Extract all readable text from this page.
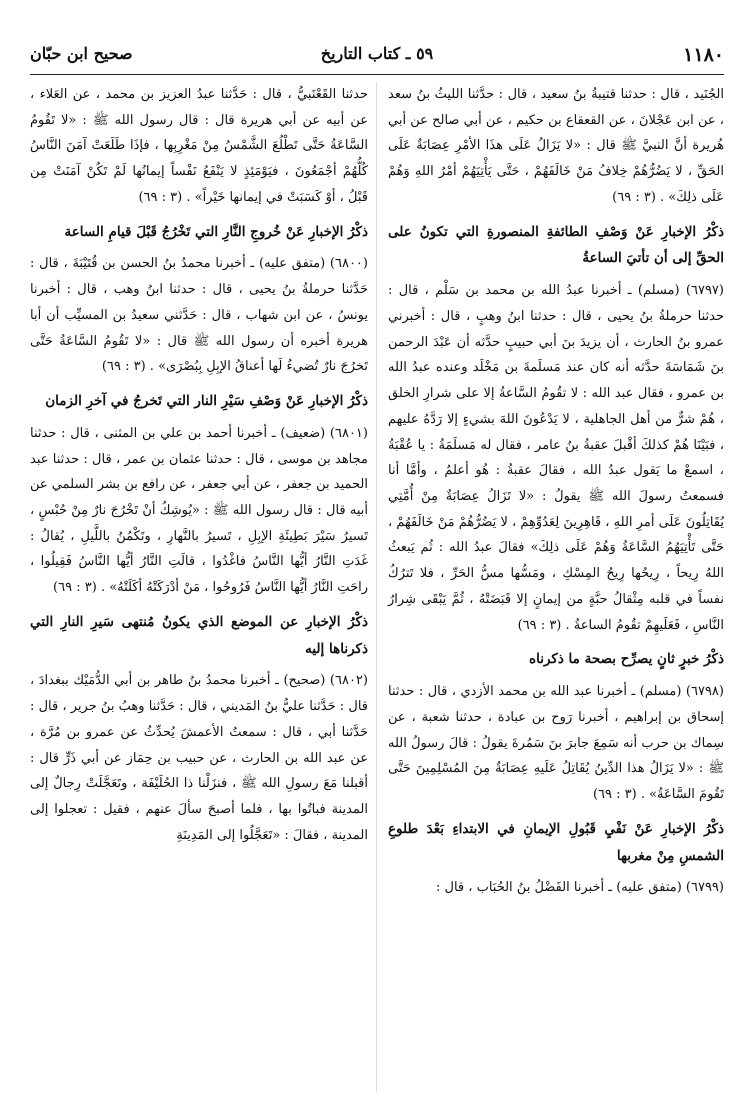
١١٨٠
٥٩ ـ كتاب التاريخ
صحيح ابن حبّان

الجُنَيد ، قال : حدثنا قتيبةُ بنُ سعيد ، قال : حدَّثنا الليثُ بنُ سعد ، عن ابن عَجْلانَ ، عن القعقاع بن حكيم ، عن أبي صالح عن أبي هُريرة أنَّ النبيَّ ﷺ قال : «لا يَزَالُ عَلَى هذَا الأمْرِ عِصَابَةٌ عَلَى الحَقِّ ، لا يَضُرُّهُمْ خِلافُ مَنْ خَالَفَهُمْ ، حَتَّى يَأْتِيَهُمْ أمْرُ اللهِ وَهُمْ عَلَى ذلِكَ» . (٣ : ٦٩)

ذكْرُ الإخبارِ عَنْ وَصْفِ الطائفةِ المنصورةِ التي تكونُ على الحقِّ إلى أن تأتيَ الساعةُ

(٦٧٩٧) (مسلم) ـ أخبرنا عبدُ الله بن محمد بن سَلْم ، قال : حدثنا حرملةُ بنُ يحيى ، قال : حدثنا ابنُ وهبٍ ، قال : أخبرني عمرو بنُ الحارث ، أن يزيدَ بنَ أبي حبيبٍ حدَّثه أن عَبْدَ الرحمن بنَ شَمَاسَةَ حدَّثه أنه كان عند مَسلَمةَ بن مَخْلَد وعنده عبدُ الله بن عمرو ، فقال عبد الله : لا تقُومُ السَّاعةُ إلا على شرارِ الخلق ، هُمْ شرٌّ من أهل الجاهلية ، لا يَدْعُونَ اللهَ بشيءٍ إلا رَدَّهُ عليهم ، فبَيْنَا هُمْ كذلكَ أقْبلَ عقبةُ بنُ عامر ، فقال له مَسلَمَةُ : يا عُقْبَةُ ، اسمعْ ما يَقول عبدُ الله ، فقالَ عقبةُ : هُو أعلمُ ، وأمَّا أنا فسمعتُ رسولَ الله ﷺ يقولُ : «لا تَزَالُ عِصَابَةٌ مِنْ أُمَّتِي يُقَاتِلُونَ عَلَى أمرِ اللهِ ، قَاهِرِينَ لِعَدُوِّهِمْ ، لا يَضُرُّهُمْ مَنْ خَالَفَهُمْ ، حَتَّى تَأْتِيَهُمُ السَّاعَةُ وَهُمْ عَلَى ذلِكَ» فقالَ عبدُ الله : ثُم يَبعثُ اللهُ رِيحاً ، رِيحُها رِيحُ المِسْكِ ، ومَسُّها مسُّ الحَرِّ ، فلا تَترُكُ نفساً في قلبه مِثْقالُ حبَّةٍ من إيمانٍ إلا قَبَضَتْهُ ، ثُمَّ يَبْقَى شِرارُ النَّاسِ ، فَعَلَيهِمْ تقُومُ الساعةُ . (٣ : ٦٩)

ذكْرُ خبرٍ ثانٍ يصرِّح بصحة ما ذكرناه

(٦٧٩٨) (مسلم) ـ أخبرنا عبد الله بن محمد الأزدي ، قال : حدثنا إسحاق بن إبراهيم ، أخبرنا رَوح بن عبادة ، حدثنا شعبة ، عن سِماك بن حرب أنه سَمِعَ جابرَ بنَ سَمُرةَ يقولُ : قالَ رسولُ الله ﷺ : «لا يَزَالُ هذا الدِّينُ يُقَاتِلُ عَلَيهِ عِصَابَةٌ مِنَ المُسْلِمِينَ حَتَّى تَقُومَ السَّاعَةُ» . (٣ : ٦٩)

ذكْرُ الإخبارِ عَنْ نَفْيِ قَبُولِ الإيمانِ في الابتداءِ بَعْدَ طلوعِ الشمسِ مِنْ مغربها

(٦٧٩٩) (متفق عليه) ـ أخبرنا الفَضْلُ بنُ الحُبَاب ، قال :

حدثنا القَعْنَبيُّ ، قال : حَدَّثنا عبدُ العزيز بن محمد ، عن العَلاء ، عن أبيه عن أبي هريرة قال : قال رسول الله ﷺ : «لا تَقُومُ السَّاعَةُ حَتَّى تَطْلُعَ الشَّمْسُ مِنْ مَغْرِبِها ، فإذَا طَلَعَتْ آمَنَ النَّاسُ كُلُّهُمْ أجْمَعُونَ ، فيَوْمَئِذٍ لا يَنْفَعُ نَفْساً إيمانُها لَمْ تَكُنْ آمَنَتْ مِن قَبْلُ ، أوْ كَسَبَتْ في إيمانها خَيْراً» . (٣ : ٦٩)

ذكْرُ الإخبارِ عَنْ خُروجِ النَّارِ التي تَخْرُجُ قَبْلَ قيامِ الساعة

(٦٨٠٠) (متفق عليه) ـ أخبرنا محمدُ بنُ الحسن بن قُتَيْبَةَ ، قال : حَدَّثنا حرملةُ بنُ يحيى ، قال : حدثنا ابنُ وهب ، قال : أخبرنا يونسُ ، عن ابن شهاب ، قال : حَدَّثني سعيدُ بن المسيِّب أن أبا هريرة أخبره أن رسول الله ﷺ قال : «لا تَقُومُ السَّاعَةُ حَتَّى تَخرُجَ نارٌ تُضيءُ لَها أعناقُ الإبِلِ بِبُصْرَى» . (٣ : ٦٩)

ذكْرُ الإخبارِ عَنْ وَصْفِ سَيْرِ النار التي تَخرجُ في آخرِ الزمان

(٦٨٠١) (ضعيف) ـ أخبرنا أحمد بن علي بن المثنى ، قال : حدثنا مجاهد بن موسى ، قال : حدثنا عثمان بن عمر ، قال : حدثنا عبد الحميد بن جعفر ، عن أبي جعفر ، عن رافع بن بشر السلمي عن أبيه قال : قال رسول الله ﷺ : «يُوشِكُ أنْ تَخْرُجَ نارٌ مِنْ حُبْسٍ ، تَسيرُ سَيْرَ بَطِيئَةِ الإبِلِ ، تَسيرُ بالنَّهارِ ، وتَكْمُنُ باللَّيلِ ، يُقالُ : غَدَتِ النَّارُ أيُّها النَّاسُ فاغْدُوا ، قالَتِ النَّارُ أيُّها النَّاسُ فَقِيلُوا ، راحَتِ النَّارُ أيُّها النَّاسُ فَرُوحُوا ، مَنْ أدْرَكَتْهُ أكَلَتْهُ» . (٣ : ٦٩)

ذكْرُ الإخبارِ عن الموضع الذي يكونُ مُنتهى سَيرِ النارِ التي ذكرناها إليه

(٦٨٠٢) (صحيح) ـ أخبرنا محمدُ بنُ طاهر بن أبي الدُّمَيْك ببغدادَ ، قال : حَدَّثنا عليُّ بنُ المَديني ، قال : حَدَّثنا وهبُ بنُ جرير ، قال : حَدَّثنا أبي ، قال : سمعتُ الأعمشَ يُحدِّثُ عن عمرو بن مُرَّة ، عن عبد الله بن الحارث ، عن حبيب بن حِمَاز عن أبي ذَرٍّ قال : أقبلنا مَعَ رسولِ الله ﷺ ، فنزَلْنا ذا الحُلَيْفَة ، وتَعَجَّلَتْ رِجالٌ إلى المدينة فباتُوا بها ، فلما أصبحَ سألَ عنهم ، فقيل : تعجلوا إلى المدينة ، فقالَ : «تَعَجَّلُوا إلى المَدِينَةِ
